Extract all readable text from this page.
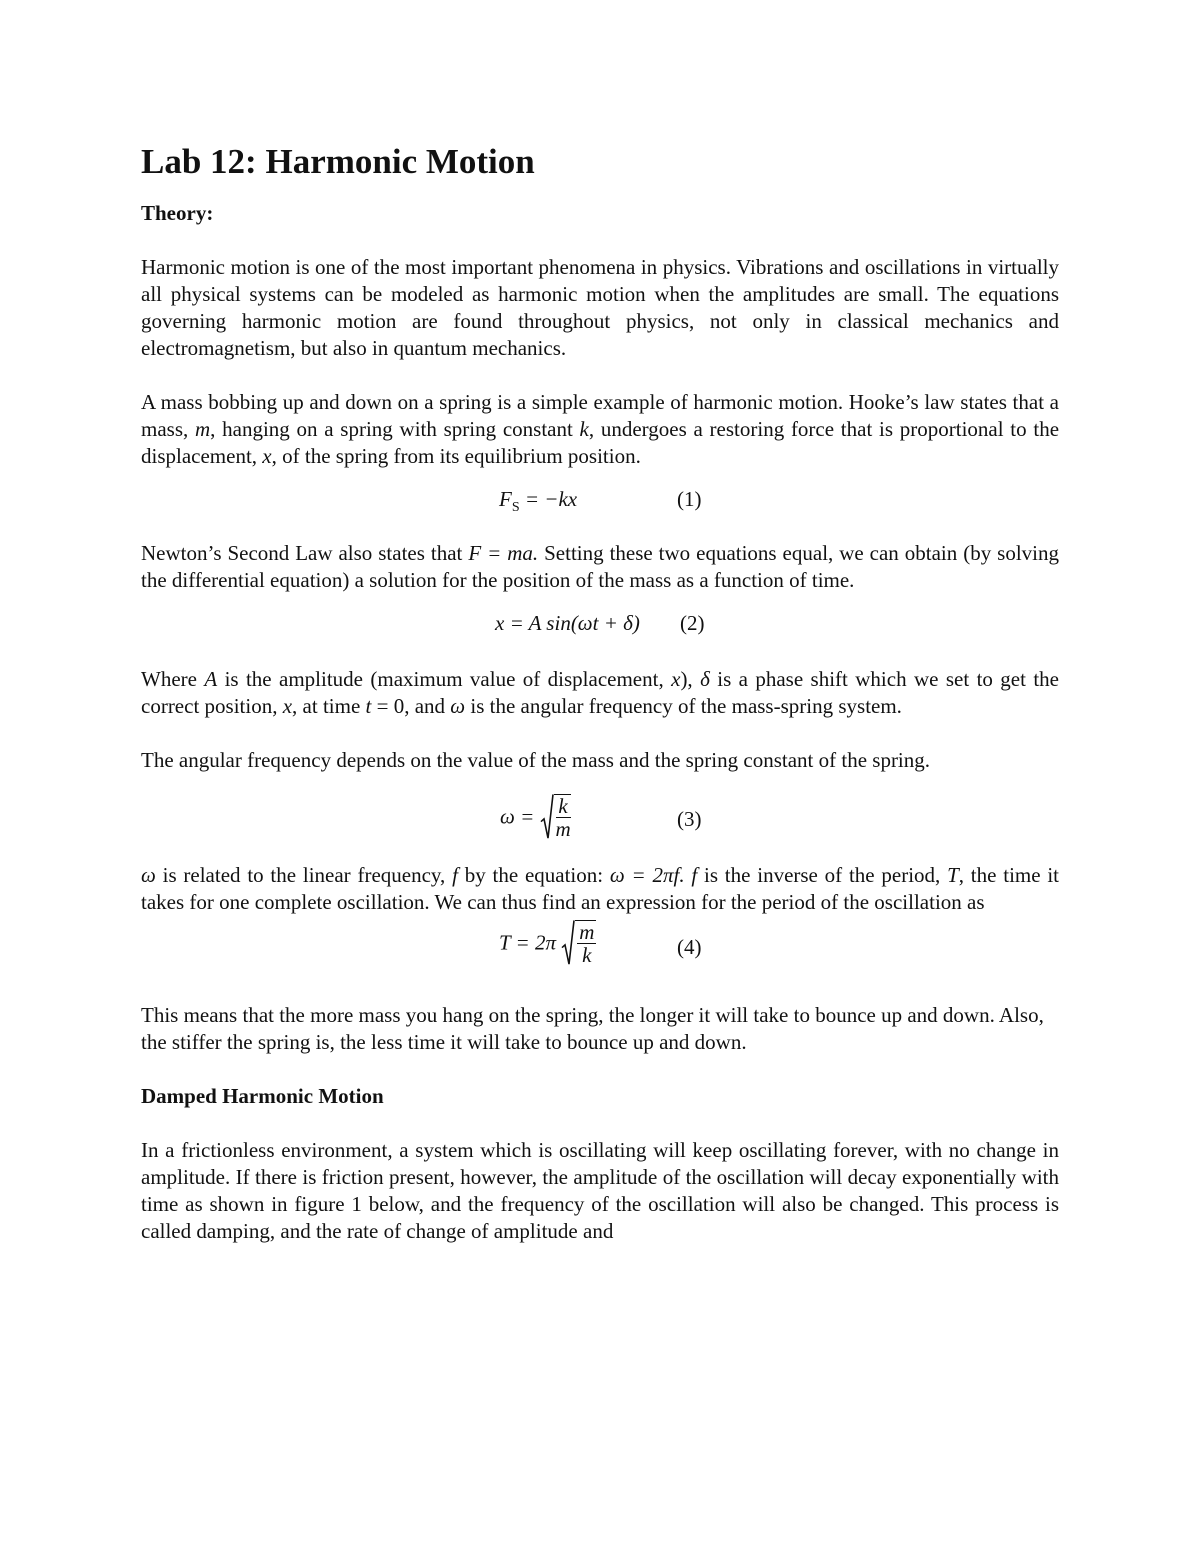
Lab 12: Harmonic Motion
Theory:

Harmonic motion is one of the most important phenomena in physics. Vibrations and oscillations in virtually all physical systems can be modeled as harmonic motion when the amplitudes are small. The equations governing harmonic motion are found throughout physics, not only in classical mechanics and electromagnetism, but also in quantum mechanics.

A mass bobbing up and down on a spring is a simple example of harmonic motion. Hooke’s law states that a mass, m, hanging on a spring with spring constant k, undergoes a restoring force that is proportional to the displacement, x, of the spring from its equilibrium position.

$F_S = -kx$	(1)

Newton’s Second Law also states that F = ma. Setting these two equations equal, we can obtain (by solving the differential equation) a solution for the position of the mass as a function of time.

x = A sin(ωt + δ) (2)

Where A is the amplitude (maximum value of displacement, x), δ is a phase shift which we set to get the correct position, x, at time t = 0, and ω is the angular frequency of the mass-spring system.

The angular frequency depends on the value of the mass and the spring constant of the spring.

$\omega = \frac{k}{m}$	(3)

ω is related to the linear frequency, f by the equation: ω = 2πf. f is the inverse of the period, T, the time it takes for one complete oscillation. We can thus find an expression for the period of the oscillation as

$T = 2\pi \frac{m}{k}$	(4)

This means that the more mass you hang on the spring, the longer it will take to bounce up and down. Also, the stiffer the spring is, the less time it will take to bounce up and down.

Damped Harmonic Motion

In a frictionless environment, a system which is oscillating will keep oscillating forever, with no change in amplitude. If there is friction present, however, the amplitude of the oscillation will decay exponentially with time as shown in figure 1 below, and the frequency of the oscillation will also be changed. This process is called damping, and the rate of change of amplitude and
